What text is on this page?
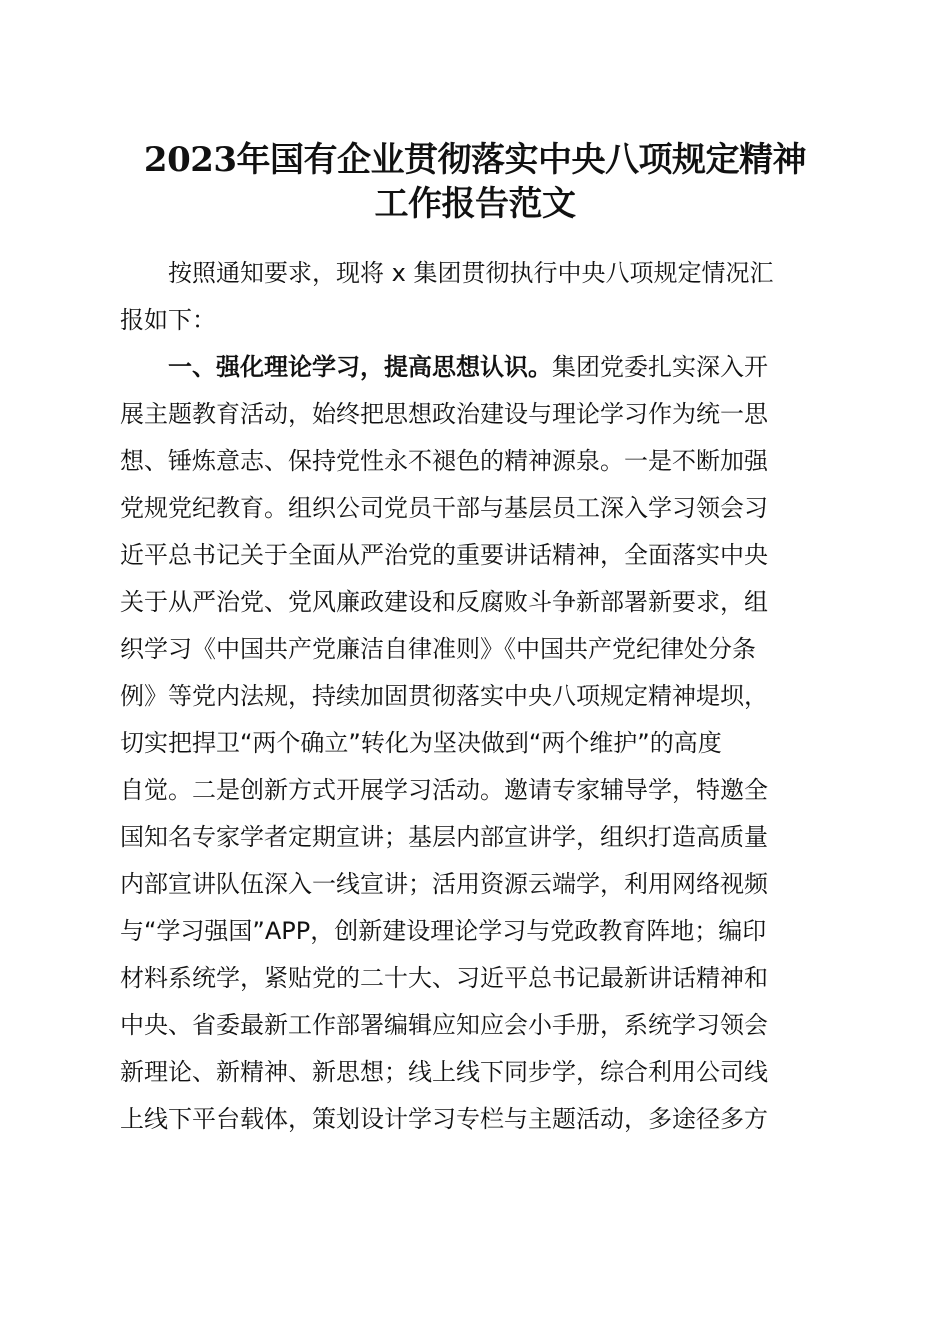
2023年国有企业贯彻落实中央八项规定精神
工作报告范文

按照通知要求，现将 x 集团贯彻执行中央八项规定情况汇
报如下：

一、强化理论学习，提高思想认识。集团党委扎实深入开
展主题教育活动，始终把思想政治建设与理论学习作为统一思
想、锤炼意志、保持党性永不褪色的精神源泉。一是不断加强
党规党纪教育。组织公司党员干部与基层员工深入学习领会习
近平总书记关于全面从严治党的重要讲话精神，全面落实中央
关于从严治党、党风廉政建设和反腐败斗争新部署新要求，组
织学习《中国共产党廉洁自律准则》《中国共产党纪律处分条
例》等党内法规，持续加固贯彻落实中央八项规定精神堤坝，
切实把捍卫“两个确立”转化为坚决做到“两个维护”的高度
自觉。二是创新方式开展学习活动。邀请专家辅导学，特邀全
国知名专家学者定期宣讲；基层内部宣讲学，组织打造高质量
内部宣讲队伍深入一线宣讲；活用资源云端学，利用网络视频
与“学习强国”APP，创新建设理论学习与党政教育阵地；编印
材料系统学，紧贴党的二十大、习近平总书记最新讲话精神和
中央、省委最新工作部署编辑应知应会小手册，系统学习领会
新理论、新精神、新思想；线上线下同步学，综合利用公司线
上线下平台载体，策划设计学习专栏与主题活动，多途径多方
